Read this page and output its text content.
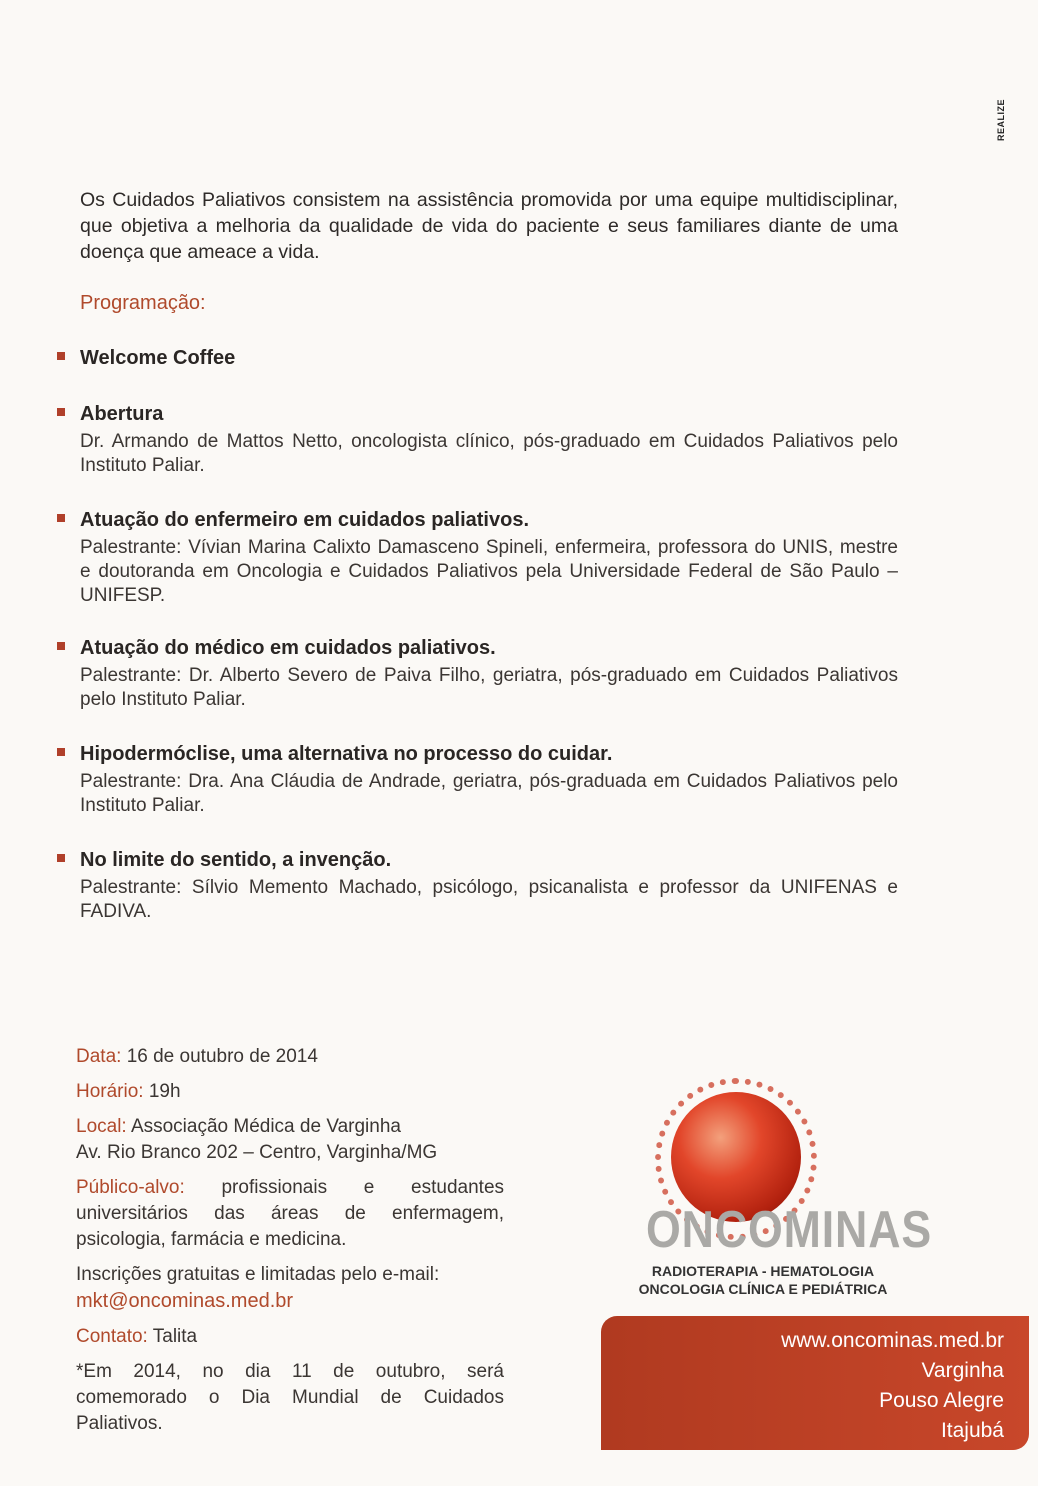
REALIZE

Os Cuidados Paliativos consistem na assistência promovida por uma equipe multidisciplinar, que objetiva a melhoria da qualidade de vida do paciente e seus familiares diante de uma doença que ameace a vida.

Programação:

Welcome Coffee
Abertura

Dr. Armando de Mattos Netto, oncologista clínico, pós-graduado em Cuidados Paliativos pelo Instituto Paliar.

Atuação do enfermeiro em cuidados paliativos.

Palestrante: Vívian Marina Calixto Damasceno Spineli, enfermeira, professora do UNIS, mestre e doutoranda em Oncologia e Cuidados Paliativos pela Universidade Federal de São Paulo – UNIFESP.

Atuação do médico em cuidados paliativos.

Palestrante: Dr. Alberto Severo de Paiva Filho, geriatra, pós-graduado em Cuidados Paliativos pelo Instituto Paliar.

Hipodermóclise, uma alternativa no processo do cuidar.

Palestrante: Dra. Ana Cláudia de Andrade, geriatra, pós-graduada em Cuidados Paliativos pelo Instituto Paliar.

No limite do sentido, a invenção.

Palestrante: Sílvio Memento Machado, psicólogo, psicanalista e professor da UNIFENAS e FADIVA.

Data: 16 de outubro de 2014

Horário: 19h

Local: Associação Médica de Varginha
Av. Rio Branco 202 – Centro, Varginha/MG

Público-alvo: profissionais e estudantes universitários das áreas de enfermagem, psicologia, farmácia e medicina.

Inscrições gratuitas e limitadas pelo e-mail:
mkt@oncominas.med.br

Contato: Talita

*Em 2014, no dia 11 de outubro, será comemorado o Dia Mundial de Cuidados Paliativos.

ONCOMINAS
RADIOTERAPIA - HEMATOLOGIA
ONCOLOGIA CLÍNICA E PEDIÁTRICA
www.oncominas.med.br
Varginha
Pouso Alegre
Itajubá
